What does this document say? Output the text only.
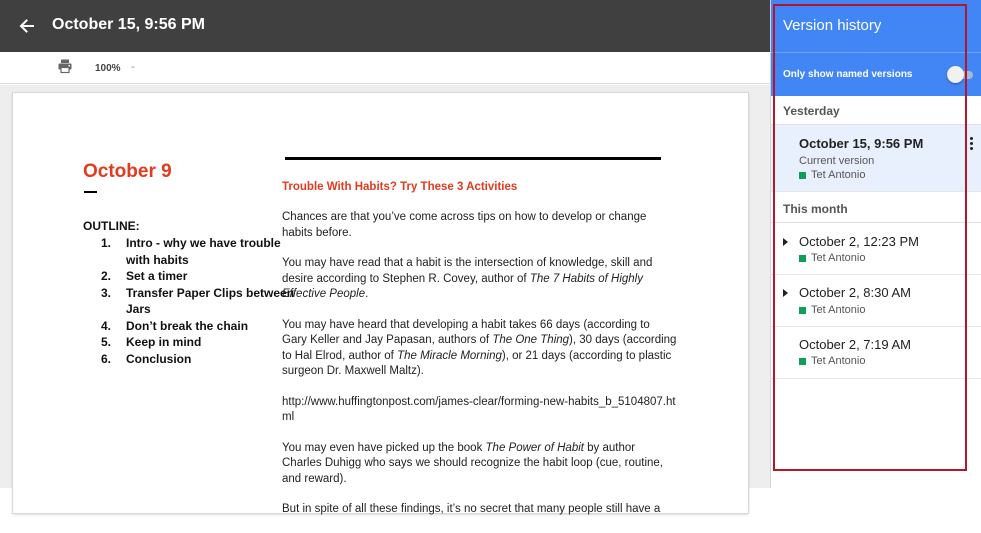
October 15, 9:56 PM
100% -
October 9
OUTLINE:
1.	Intro - why we have trouble with habits
2.	Set a timer
3.	Transfer Paper Clips between Jars
4.	Don’t break the chain
5.	Keep in mind
6.	Conclusion
Trouble With Habits? Try These 3 Activities

Chances are that you’ve come across tips on how to develop or change habits before.

You may have read that a habit is the intersection of knowledge, skill and desire according to Stephen R. Covey, author of The 7 Habits of Highly Effective People.

You may have heard that developing a habit takes 66 days (according to Gary Keller and Jay Papasan, authors of The One Thing), 30 days (according to Hal Elrod, author of The Miracle Morning), or 21 days (according to plastic surgeon Dr. Maxwell Maltz).

http://www.huffingtonpost.com/james-clear/forming-new-habits_b_5104807.html

You may even have picked up the book The Power of Habit by author Charles Duhigg who says we should recognize the habit loop (cue, routine, and reward).

But in spite of all these findings, it’s no secret that many people still have a

Version history
Only show named versions
Yesterday
October 15, 9:56 PM
Current version
Tet Antonio
This month
October 2, 12:23 PM
Tet Antonio
October 2, 8:30 AM
Tet Antonio
October 2, 7:19 AM
Tet Antonio
